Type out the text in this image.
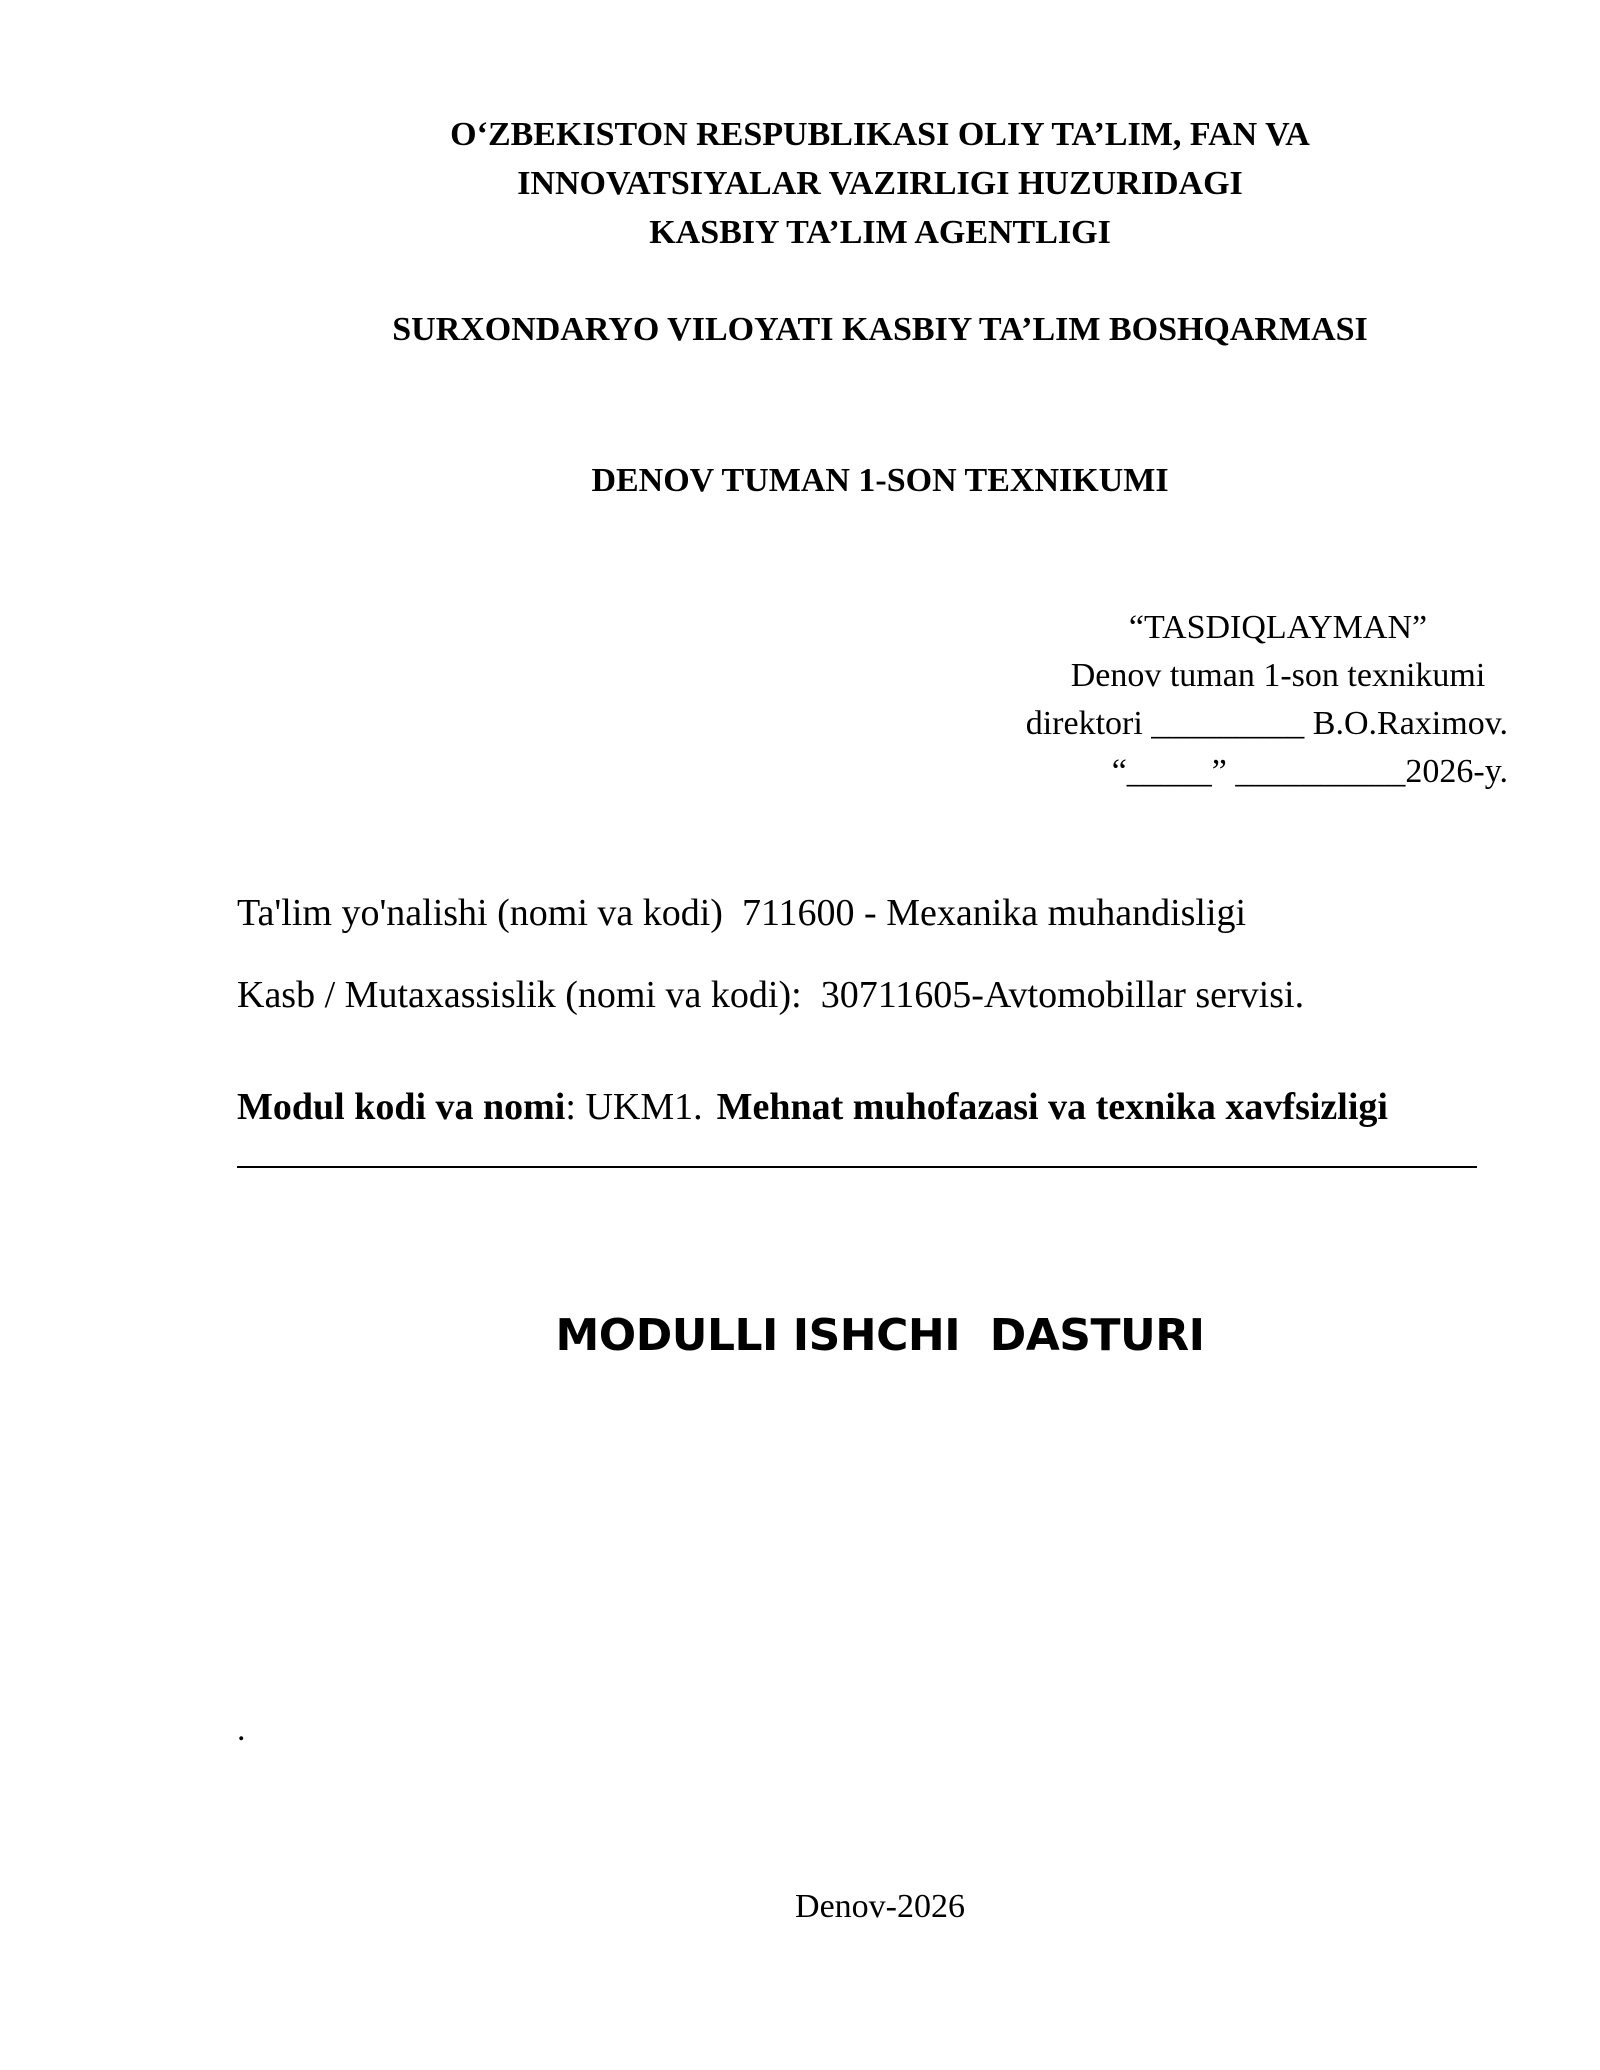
O‘ZBEKISTON RESPUBLIKASI OLIY TA’LIM, FAN VA
INNOVATSIYALAR VAZIRLIGI HUZURIDAGI
KASBIY TA’LIM AGENTLIGI
SURXONDARYO VILOYATI KASBIY TA’LIM BOSHQARMASI
DENOV TUMAN 1-SON TEXNIKUMI
“TASDIQLAYMAN”
Denov tuman 1-son texnikumi
direktori _________ B.O.Raximov.
“_____” __________2026-y.
Ta'lim yo'nalishi (nomi va kodi) 711600 - Mexanika muhandisligi
Kasb / Mutaxassislik (nomi va kodi): 30711605-Avtomobillar servisi.
Modul kodi va nomi: UKM1. Mehnat muhofazasi va texnika xavfsizligi
MODULLI ISHCHI  DASTURI
.
Denov-2026
